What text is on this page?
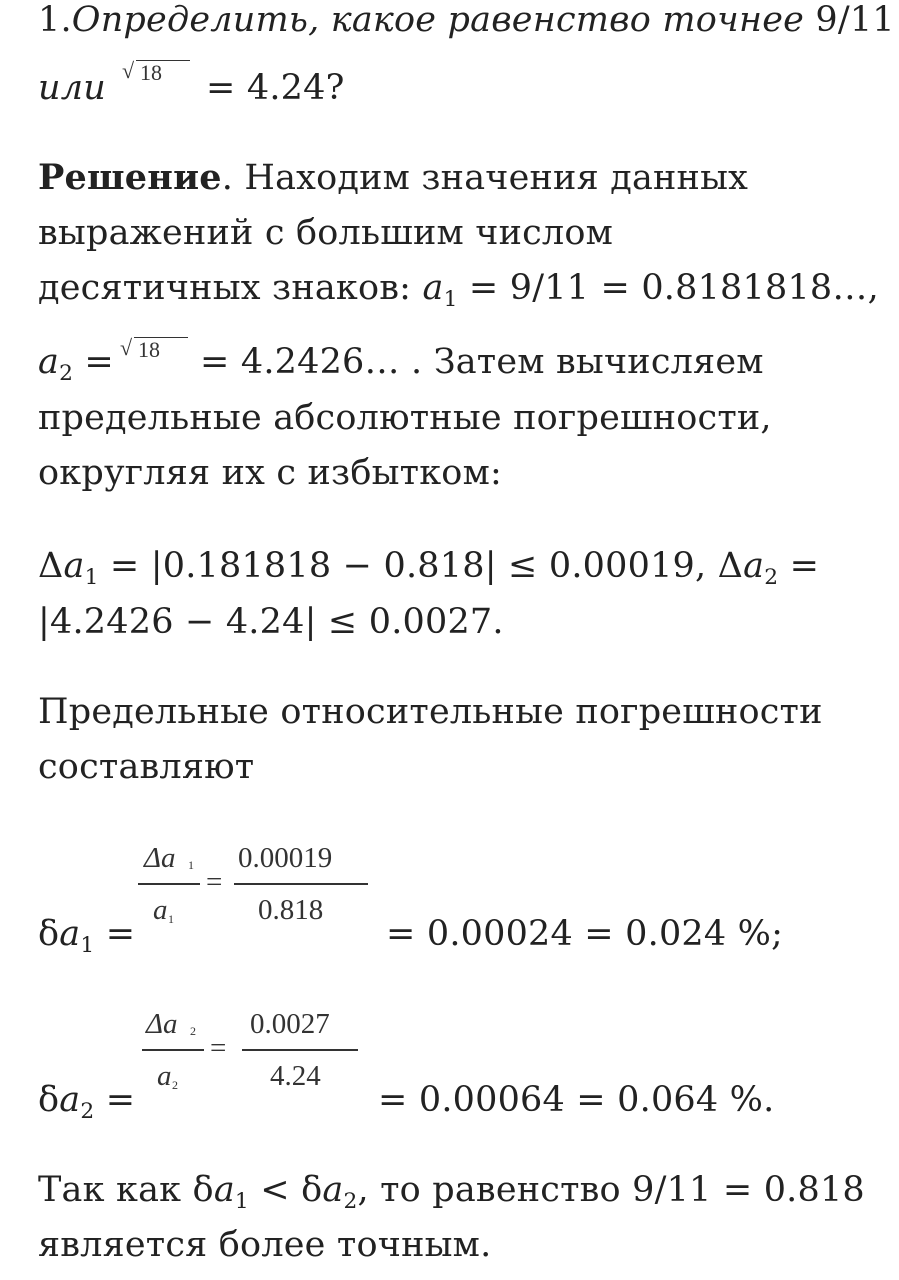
1.Определить, какое равенство точнее 9/11
или √ 18 = 4.24?
Решение. Находим значения данных
выражений с большим числом
десятичных знаков: $a_1 = 9/11$ = 0.8181818…,
$a_2$ = √ 18 = 4.2426… . Затем вычисляем
предельные абсолютные погрешности,
округляя их с избытком:
$\Delta a_1 = |0.181818 - 0.818| \le 0.00019$, $\Delta a_2$ =
|4.2426 − 4.24| ≤ 0.0027.
Предельные относительные погрешности
составляют
$\delta a_1$ =
Δa 1
a 1
=
0.00019
0.818
= 0.00024 = 0.024 %;
$\delta a_2$ =
Δa 2
a 2
=
0.0027
4.24
= 0.00064 = 0.064 %.
Так как $\delta a_1 < \delta a_2$, то равенство 9/11 = 0.818
является более точным.
